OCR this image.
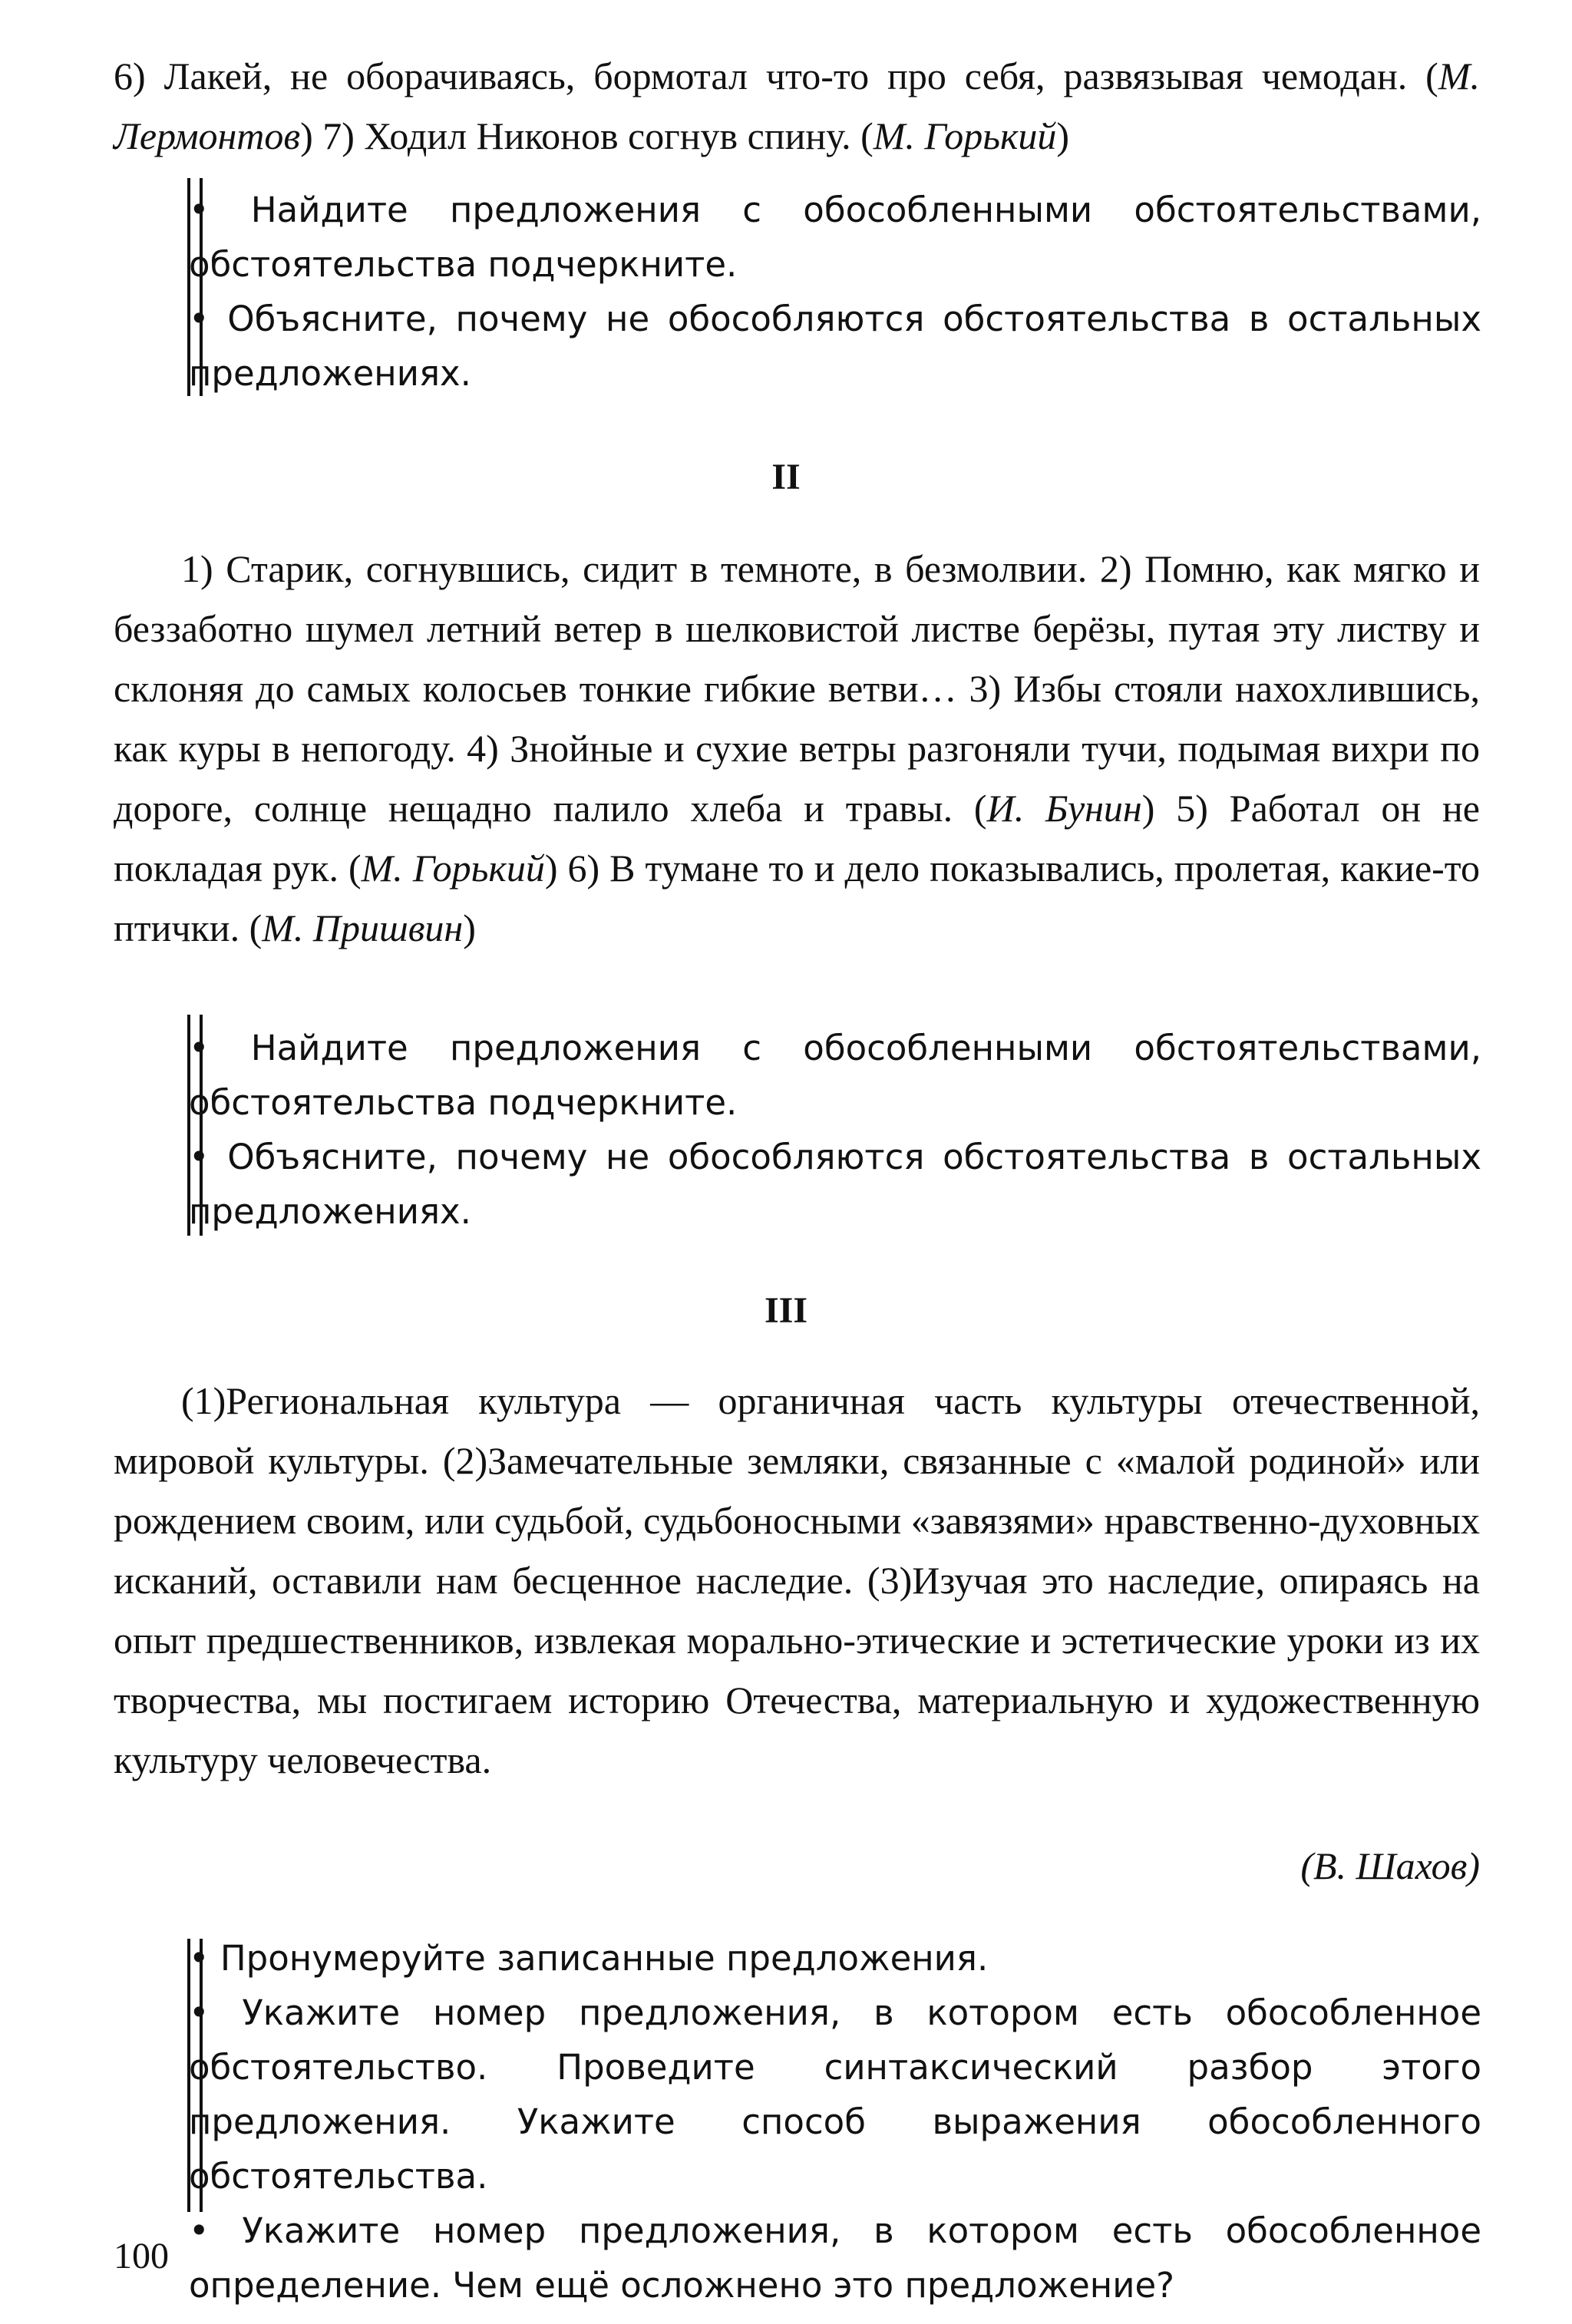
6) Лакей, не оборачиваясь, бормотал что-то про себя, развязывая чемодан. (М. Лермонтов) 7) Ходил Никонов согнув спину. (М. Горький)

• Найдите предложения с обособленными обстоятельствами, обстоятельства подчеркните.

• Объясните, почему не обособляются обстоятельства в остальных предложениях.

II

1) Старик, согнувшись, сидит в темноте, в безмолвии. 2) Помню, как мягко и беззаботно шумел летний ветер в шелковистой листве берёзы, путая эту листву и склоняя до самых колосьев тонкие гибкие ветви… 3) Избы стояли нахохлившись, как куры в непогоду. 4) Знойные и сухие ветры разгоняли тучи, подымая вихри по дороге, солнце нещадно палило хлеба и травы. (И. Бунин) 5) Работал он не покладая рук. (М. Горький) 6) В тумане то и дело показывались, пролетая, какие-то птички. (М. Пришвин)

• Найдите предложения с обособленными обстоятельствами, обстоятельства подчеркните.

• Объясните, почему не обособляются обстоятельства в остальных предложениях.

III

(1)Региональная культура — органичная часть культуры отечественной, мировой культуры. (2)Замечательные земляки, связанные с «малой родиной» или рождением своим, или судьбой, судьбоносными «завязями» нравственно-духовных исканий, оставили нам бесценное наследие. (3)Изучая это наследие, опираясь на опыт предшественников, извлекая морально-этические и эстетические уроки из их творчества, мы постигаем историю Отечества, материальную и художественную культуру человечества.

(В. Шахов)

• Пронумеруйте записанные предложения.

• Укажите номер предложения, в котором есть обособленное обстоятельство. Проведите синтаксический разбор этого предложения. Укажите способ выражения обособленного обстоятельства.

• Укажите номер предложения, в котором есть обособленное определение. Чем ещё осложнено это предложение?

100
